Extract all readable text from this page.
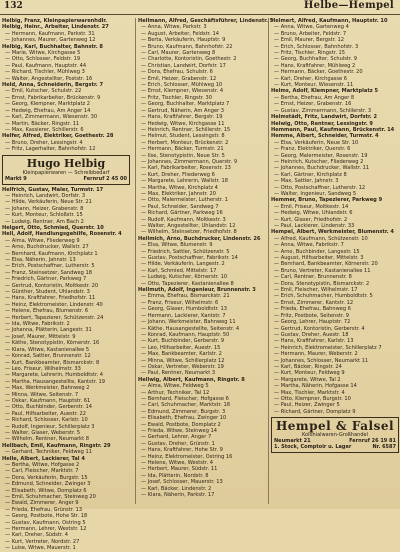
132	Helbe—Hempel
Helbig, Franz, Kleinpapierwarenhdlr.
Helbig, Heinr., Arbeiter, Lindenstr. 27
— Hermann, Kaufmann, Parkstr. 31
— Johannes, Maurer, Gartenweg 12
Helbig, Karl, Buchhalter, Bahnstr. 8
— Marie, Witwe, Kirchgasse 5
— Otto, Schlosser, Feldstr. 19
— Paul, Kaufmann, Hauptstr. 44
— Richard, Tischler, Mühlweg 3
— Walter, Angestellter, Poststr. 16
Held, Anna, Schneiderin, Bergstr. 7
— Emil, Kutscher, Schulstr. 22
— Ernst, Fabrikarbeiter, Brückenstr. 9
— Georg, Klempner, Marktplatz 2
— Hedwig, Ehefrau, Am Anger 14
— Karl, Zimmermann, Wiesenstr. 30
— Martin, Bäcker, Ringstr. 11
— Max, Kassierer, Schillerstr. 6
Helfer, Alfred, Elektriker, Goethestr. 28
— Bruno, Dreher, Lessingstr. 4
— Fritz, Lagerhalter, Bahnhofstr. 12
Hugo Helbig
Kleinpapierwaren — Schreibbedarf
Markt 9	Fernruf 2 45 00
Helfrich, Gustav, Maler, Turmstr. 17
— Heinrich, Landwirt, Dorfstr. 3
— Hilde, Verkäuferin, Neue Str. 21
— Johann, Heizer, Grabenstr. 8
— Kurt, Monteur, Schloßstr. 15
— Ludwig, Rentner, Am Bach 2
Helgert, Otto, Schmied, Querstr. 10
Hell, Adolf, Handlungsgehilfe, Rosenstr. 4
— Alma, Witwe, Fliederweg 9
— Arno, Buchdrucker, Wallstr. 27
— Bernhard, Kaufmann, Kirchplatz 1
— Elsa, Näherin, Jahnstr. 13
— Erich, Postschaffner, Lutherstr. 5
— Franz, Steinsetzer, Sandweg 18
— Friedrich, Gärtner, Parkweg 7
— Gertrud, Kontoristin, Moltkestr. 20
— Günther, Student, Uhlandstr. 3
— Hans, Kraftfahrer, Friedhofstr. 11
— Heinz, Elektromeister, Lindenstr. 40
— Helene, Ehefrau, Blumenstr. 6
— Herbert, Tapezierer, Schützenstr. 24
— Ida, Witwe, Fabrikstr. 2
— Johanna, Plätterin, Langestr. 31
— Josef, Maurer, Mittelstr. 9
— Käthe, Stenotypistin, Körnerstr. 16
— Klara, Witwe, Kastanienallee 5
— Konrad, Sattler, Brunnenstr. 12
— Kurt, Bankbeamter, Bismarckstr. 8
— Leo, Friseur, Wilhelmstr. 33
— Margarete, Lehrerin, Humboldtstr. 4
— Martha, Hausangestellte, Kantstr. 19
— Max, Werkmeister, Bahnweg 2
— Minna, Witwe, Seitenstr. 7
— Oskar, Kaufmann, Hauptstr. 61
— Otto, Buchbinder, Gerberstr. 14
— Paul, Hilfsarbeiter, Auestr. 22
— Richard, Schlosser, Karlstr. 10
— Rudolf, Ingenieur, Schillerplatz 3
— Walter, Glaser, Weberstr. 5
— Wilhelm, Rentner, Neumarkt 8
Hellbach, Emil, Kaufmann, Ringstr. 29
— Gerhard, Techniker, Feldweg 11
Helle, Albert, Lackierer, Tal 4
— Bertha, Witwe, Hofgasse 2
— Carl, Fleischer, Marktstr. 7
— Dora, Verkäuferin, Burgstr. 15
— Edmund, Schneider, Zwinger 3
— Elisabeth, Witwe, Domplatz 6
— Emil, Schuhmacher, Steinweg 20
— Ewald, Zimmerer, Anger 9
— Frieda, Ehefrau, Grünstr. 13
— Georg, Postbote, Hohe Str. 18
— Gustav, Kaufmann, Ostring 5
— Hermann, Lehrer, Weststr. 12
— Karl, Dreher, Südstr. 4
— Kurt, Vertreter, Nordstr. 27
— Luise, Witwe, Mauerstr. 1
Hellmann, Alfred, Geschäftsführer, Lindenstr. 5
— Anna, Witwe, Parkstr. 3
— August, Arbeiter, Feldstr. 14
— Berta, Verkäuferin, Hauptstr. 9
— Bruno, Kaufmann, Bahnhofstr. 22
— Carl, Maurer, Gartenweg 8
— Charlotte, Kontoristin, Goethestr. 2
— Christian, Landwirt, Dorfstr. 17
— Dora, Ehefrau, Schulstr. 6
— Emil, Heizer, Grabenstr. 12
— Erich, Schlosser, Mühlweg 10
— Ernst, Klempner, Wiesenstr. 4
— Fritz, Tischler, Ringstr. 30
— Georg, Buchhalter, Marktplatz 7
— Gertrud, Näherin, Am Anger 3
— Hans, Kraftfahrer, Bergstr. 19
— Hedwig, Witwe, Kirchgasse 11
— Heinrich, Rentner, Schillerstr. 15
— Helmut, Student, Lessingstr. 8
— Herbert, Monteur, Brückenstr. 2
— Hermann, Bäcker, Turmstr. 21
— Ilse, Stenotypistin, Neue Str. 5
— Johannes, Zimmermann, Querstr. 9
— Karl, Fabrikarbeiter, Rosenstr. 13
— Kurt, Dreher, Fliederweg 6
— Margarete, Lehrerin, Wallstr. 18
— Martha, Witwe, Kirchplatz 4
— Max, Elektriker, Jahnstr. 20
— Otto, Malermeister, Lutherstr. 1
— Paul, Schneider, Sandweg 7
— Richard, Gärtner, Parkweg 16
— Rudolf, Kaufmann, Moltkestr. 3
— Walter, Angestellter, Uhlandstr. 12
— Wilhelm, Steinsetzer, Friedhofstr. 8
Hellmich, Arno, Buchdrucker, Lindenstr. 26
— Elsa, Witwe, Blumenstr. 9
— Friedrich, Sattler, Schützenstr. 5
— Gustav, Postschaffner, Fabrikstr. 14
— Hilde, Verkäuferin, Langestr. 2
— Karl, Schmied, Mittelstr. 17
— Ludwig, Kutscher, Körnerstr. 10
— Otto, Tapezierer, Kastanienallee 8
Hellmuth, Adolf, Ingenieur, Brunnenstr. 3
— Emma, Ehefrau, Bismarckstr. 21
— Franz, Friseur, Wilhelmstr. 6
— Georg, Glaser, Humboldtstr. 13
— Hermann, Lackierer, Kantstr. 7
— Johann, Werkmeister, Bahnweg 11
— Käthe, Hausangestellte, Seitenstr. 4
— Konrad, Kaufmann, Hauptstr. 50
— Kurt, Buchbinder, Gerberstr. 9
— Leo, Hilfsarbeiter, Auestr. 15
— Max, Bankbeamter, Karlstr. 2
— Minna, Witwe, Schillerplatz 12
— Oskar, Vertreter, Weberstr. 19
— Paul, Rentner, Neumarkt 3
Hellwig, Albert, Kaufmann, Ringstr. 8
— Alma, Witwe, Feldweg 5
— Arthur, Techniker, Tal 12
— Bernhard, Fleischer, Hofgasse 6
— Carl, Schuhmacher, Marktstr. 18
— Edmund, Zimmerer, Burgstr. 3
— Elisabeth, Ehefrau, Zwinger 10
— Ewald, Postbote, Domplatz 2
— Frieda, Witwe, Steinweg 14
— Gerhard, Lehrer, Anger 7
— Gustav, Dreher, Grünstr. 1
— Hans, Kraftfahrer, Hohe Str. 9
— Heinz, Elektromeister, Ostring 16
— Helene, Witwe, Weststr. 4
— Herbert, Maurer, Südstr. 11
— Ida, Plätterin, Nordstr. 8
— Josef, Schlosser, Mauerstr. 13
— Karl, Bäcker, Lindenstr. 2
— Klara, Näherin, Parkstr. 17
Helmert, Alfred, Kaufmann, Hauptstr. 10
— Anna, Witwe, Gartenweg 4
— Bruno, Arbeiter, Feldstr. 7
— Emil, Maurer, Bergstr. 12
— Erich, Schlosser, Bahnhofstr. 3
— Fritz, Tischler, Ringstr. 15
— Georg, Buchhalter, Schulstr. 9
— Hans, Kraftfahrer, Mühlweg 2
— Hermann, Bäcker, Goethestr. 20
— Karl, Dreher, Kirchgasse 6
— Kurt, Monteur, Wiesenstr. 11
Helms, Adolf, Klempner, Marktplatz 5
— Bertha, Ehefrau, Am Anger 8
— Ernst, Heizer, Grabenstr. 16
— Gustav, Zimmermann, Schillerstr. 3
Helmstädt, Fritz, Landwirt, Dorfstr. 2
Helwig, Otto, Rentner, Lessingstr. 9
Hemmann, Paul, Kaufmann, Brückenstr. 14
Hemme, Albert, Schneider, Turmstr. 4
— Elsa, Verkäuferin, Neue Str. 10
— Franz, Elektriker, Querstr. 6
— Georg, Malermeister, Rosenstr. 19
— Heinrich, Kutscher, Fliederweg 2
— Johannes, Buchdrucker, Wallstr. 11
— Karl, Gärtner, Kirchplatz 8
— Max, Sattler, Jahnstr. 3
— Otto, Postschaffner, Lutherstr. 12
— Walter, Ingenieur, Sandweg 5
Hemmer, Bruno, Tapezierer, Parkweg 9
— Emil, Friseur, Moltkestr. 14
— Hedwig, Witwe, Uhlandstr. 6
— Kurt, Glaser, Friedhofstr. 2
— Paul, Lackierer, Lindenstr. 33
Hempel, Albert, Werkmeister, Blumenstr. 4
— Alfred, Kaufmann, Schützenstr. 10
— Anna, Witwe, Fabrikstr. 7
— Arno, Buchbinder, Langestr. 15
— August, Hilfsarbeiter, Mittelstr. 3
— Bernhard, Bankbeamter, Körnerstr. 20
— Bruno, Vertreter, Kastanienallee 11
— Carl, Rentner, Brunnenstr. 8
— Dora, Stenotypistin, Bismarckstr. 2
— Emil, Fleischer, Wilhelmstr. 17
— Erich, Schuhmacher, Humboldtstr. 5
— Ernst, Zimmerer, Kantstr. 12
— Frieda, Ehefrau, Bahnweg 6
— Fritz, Postbote, Seitenstr. 9
— Georg, Lehrer, Hauptstr. 72
— Gertrud, Kontoristin, Gerberstr. 4
— Gustav, Dreher, Auestr. 18
— Hans, Kraftfahrer, Karlstr. 13
— Heinrich, Elektromeister, Schillerplatz 7
— Hermann, Maurer, Weberstr. 2
— Johannes, Schlosser, Neumarkt 11
— Karl, Bäcker, Ringstr. 24
— Kurt, Monteur, Feldweg 9
— Margarete, Witwe, Tal 2
— Martha, Näherin, Hofgasse 14
— Max, Tischler, Marktstr. 4
— Otto, Klempner, Burgstr. 10
— Paul, Heizer, Zwinger 5
— Richard, Gärtner, Domplatz 9
Hempel & Falsel
Kolonialwaren-Großhandel
Neumarkt 21	Fernruf 26 19 81
1. Stock, Comptoir u. Lager	Nr. 6587
